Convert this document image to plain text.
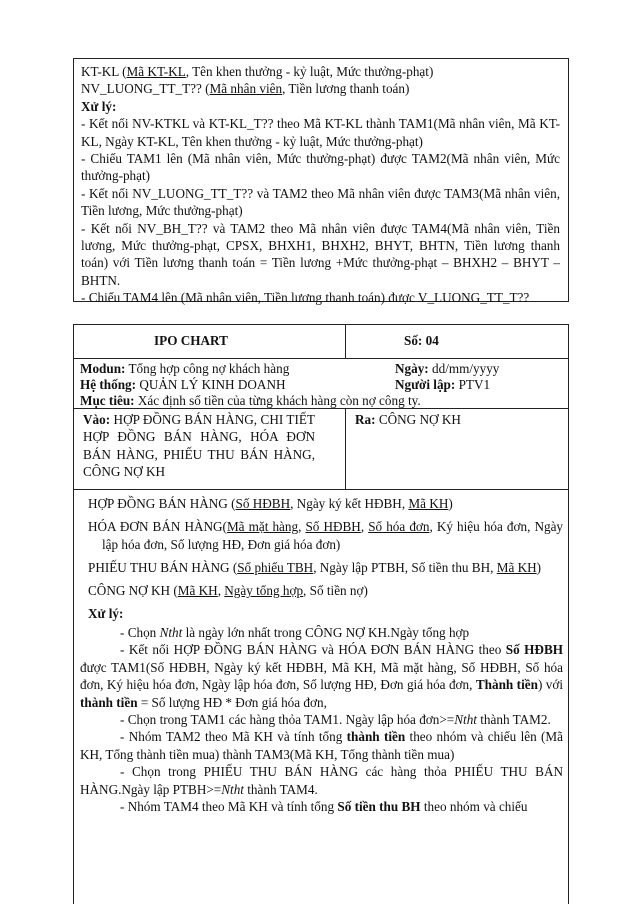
KT-KL (Mã KT-KL, Tên khen thưởng - kỷ luật, Mức thưởng-phạt)

NV_LUONG_TT_T?? (Mã nhân viên, Tiền lương thanh toán)

Xử lý:

- Kết nối NV-KTKL và KT-KL_T?? theo Mã KT-KL thành TAM1(Mã nhân viên, Mã KT-KL, Ngày KT-KL, Tên khen thưởng - kỷ luật, Mức thưởng-phạt)

- Chiếu TAM1 lên (Mã nhân viên, Mức thưởng-phạt) được TAM2(Mã nhân viên, Mức thưởng-phạt)

- Kết nối NV_LUONG_TT_T?? và TAM2 theo Mã nhân viên được TAM3(Mã nhân viên, Tiền lương, Mức thưởng-phạt)

- Kết nối NV_BH_T?? và TAM2 theo Mã nhân viên được TAM4(Mã nhân viên, Tiền lương, Mức thưởng-phạt, CPSX, BHXH1, BHXH2, BHYT, BHTN, Tiền lương thanh toán) với Tiền lương thanh toán = Tiền lương +Mức thưởng-phạt – BHXH2 – BHYT – BHTN.

- Chiếu TAM4 lên (Mã nhân viên, Tiền lương thanh toán) được V_LUONG_TT_T??

IPO CHART	Số: 04
Modun: Tổng hợp công nợ khách hàng	Ngày: dd/mm/yyyy
Hệ thống: QUẢN LÝ KINH DOANH	Người lập: PTV1
Mục tiêu: Xác định số tiền của từng khách hàng còn nợ công ty.
Vào: HỢP ĐỒNG BÁN HÀNG, CHI TIẾT HỢP ĐỒNG BÁN HÀNG, HÓA ĐƠN BÁN HÀNG, PHIẾU THU BÁN HÀNG, CÔNG NỢ KH
Ra: CÔNG NỢ KH

HỢP ĐỒNG BÁN HÀNG (Số HĐBH, Ngày ký kết HĐBH, Mã KH)

HÓA ĐƠN BÁN HÀNG(Mã mặt hàng, Số HĐBH, Số hóa đơn, Ký hiệu hóa đơn, Ngày lập hóa đơn, Số lượng HĐ, Đơn giá hóa đơn)

PHIẾU THU BÁN HÀNG (Số phiếu TBH, Ngày lập PTBH, Số tiền thu BH, Mã KH)

CÔNG NỢ KH (Mã KH, Ngày tổng hợp, Số tiền nợ)

Xử lý:

- Chọn Ntht là ngày lớn nhất trong CÔNG NỢ KH.Ngày tổng hợp

- Kết nối HỢP ĐỒNG BÁN HÀNG và HÓA ĐƠN BÁN HÀNG theo Số HĐBH được TAM1(Số HĐBH, Ngày ký kết HĐBH, Mã KH, Mã mặt hàng, Số HĐBH, Số hóa đơn, Ký hiệu hóa đơn, Ngày lập hóa đơn, Số lượng HĐ, Đơn giá hóa đơn, Thành tiền) với thành tiền = Số lượng HĐ * Đơn giá hóa đơn,

- Chọn trong TAM1 các hàng thỏa TAM1. Ngày lập hóa đơn>=Ntht thành TAM2.

- Nhóm TAM2 theo Mã KH và tính tổng thành tiền theo nhóm và chiếu lên (Mã KH, Tổng thành tiền mua) thành TAM3(Mã KH, Tổng thành tiền mua)

- Chọn trong PHIẾU THU BÁN HÀNG các hàng thỏa PHIẾU THU BÁN HÀNG.Ngày lập PTBH>=Ntht thành TAM4.

- Nhóm TAM4 theo Mã KH và tính tổng Số tiền thu BH theo nhóm và chiếu
